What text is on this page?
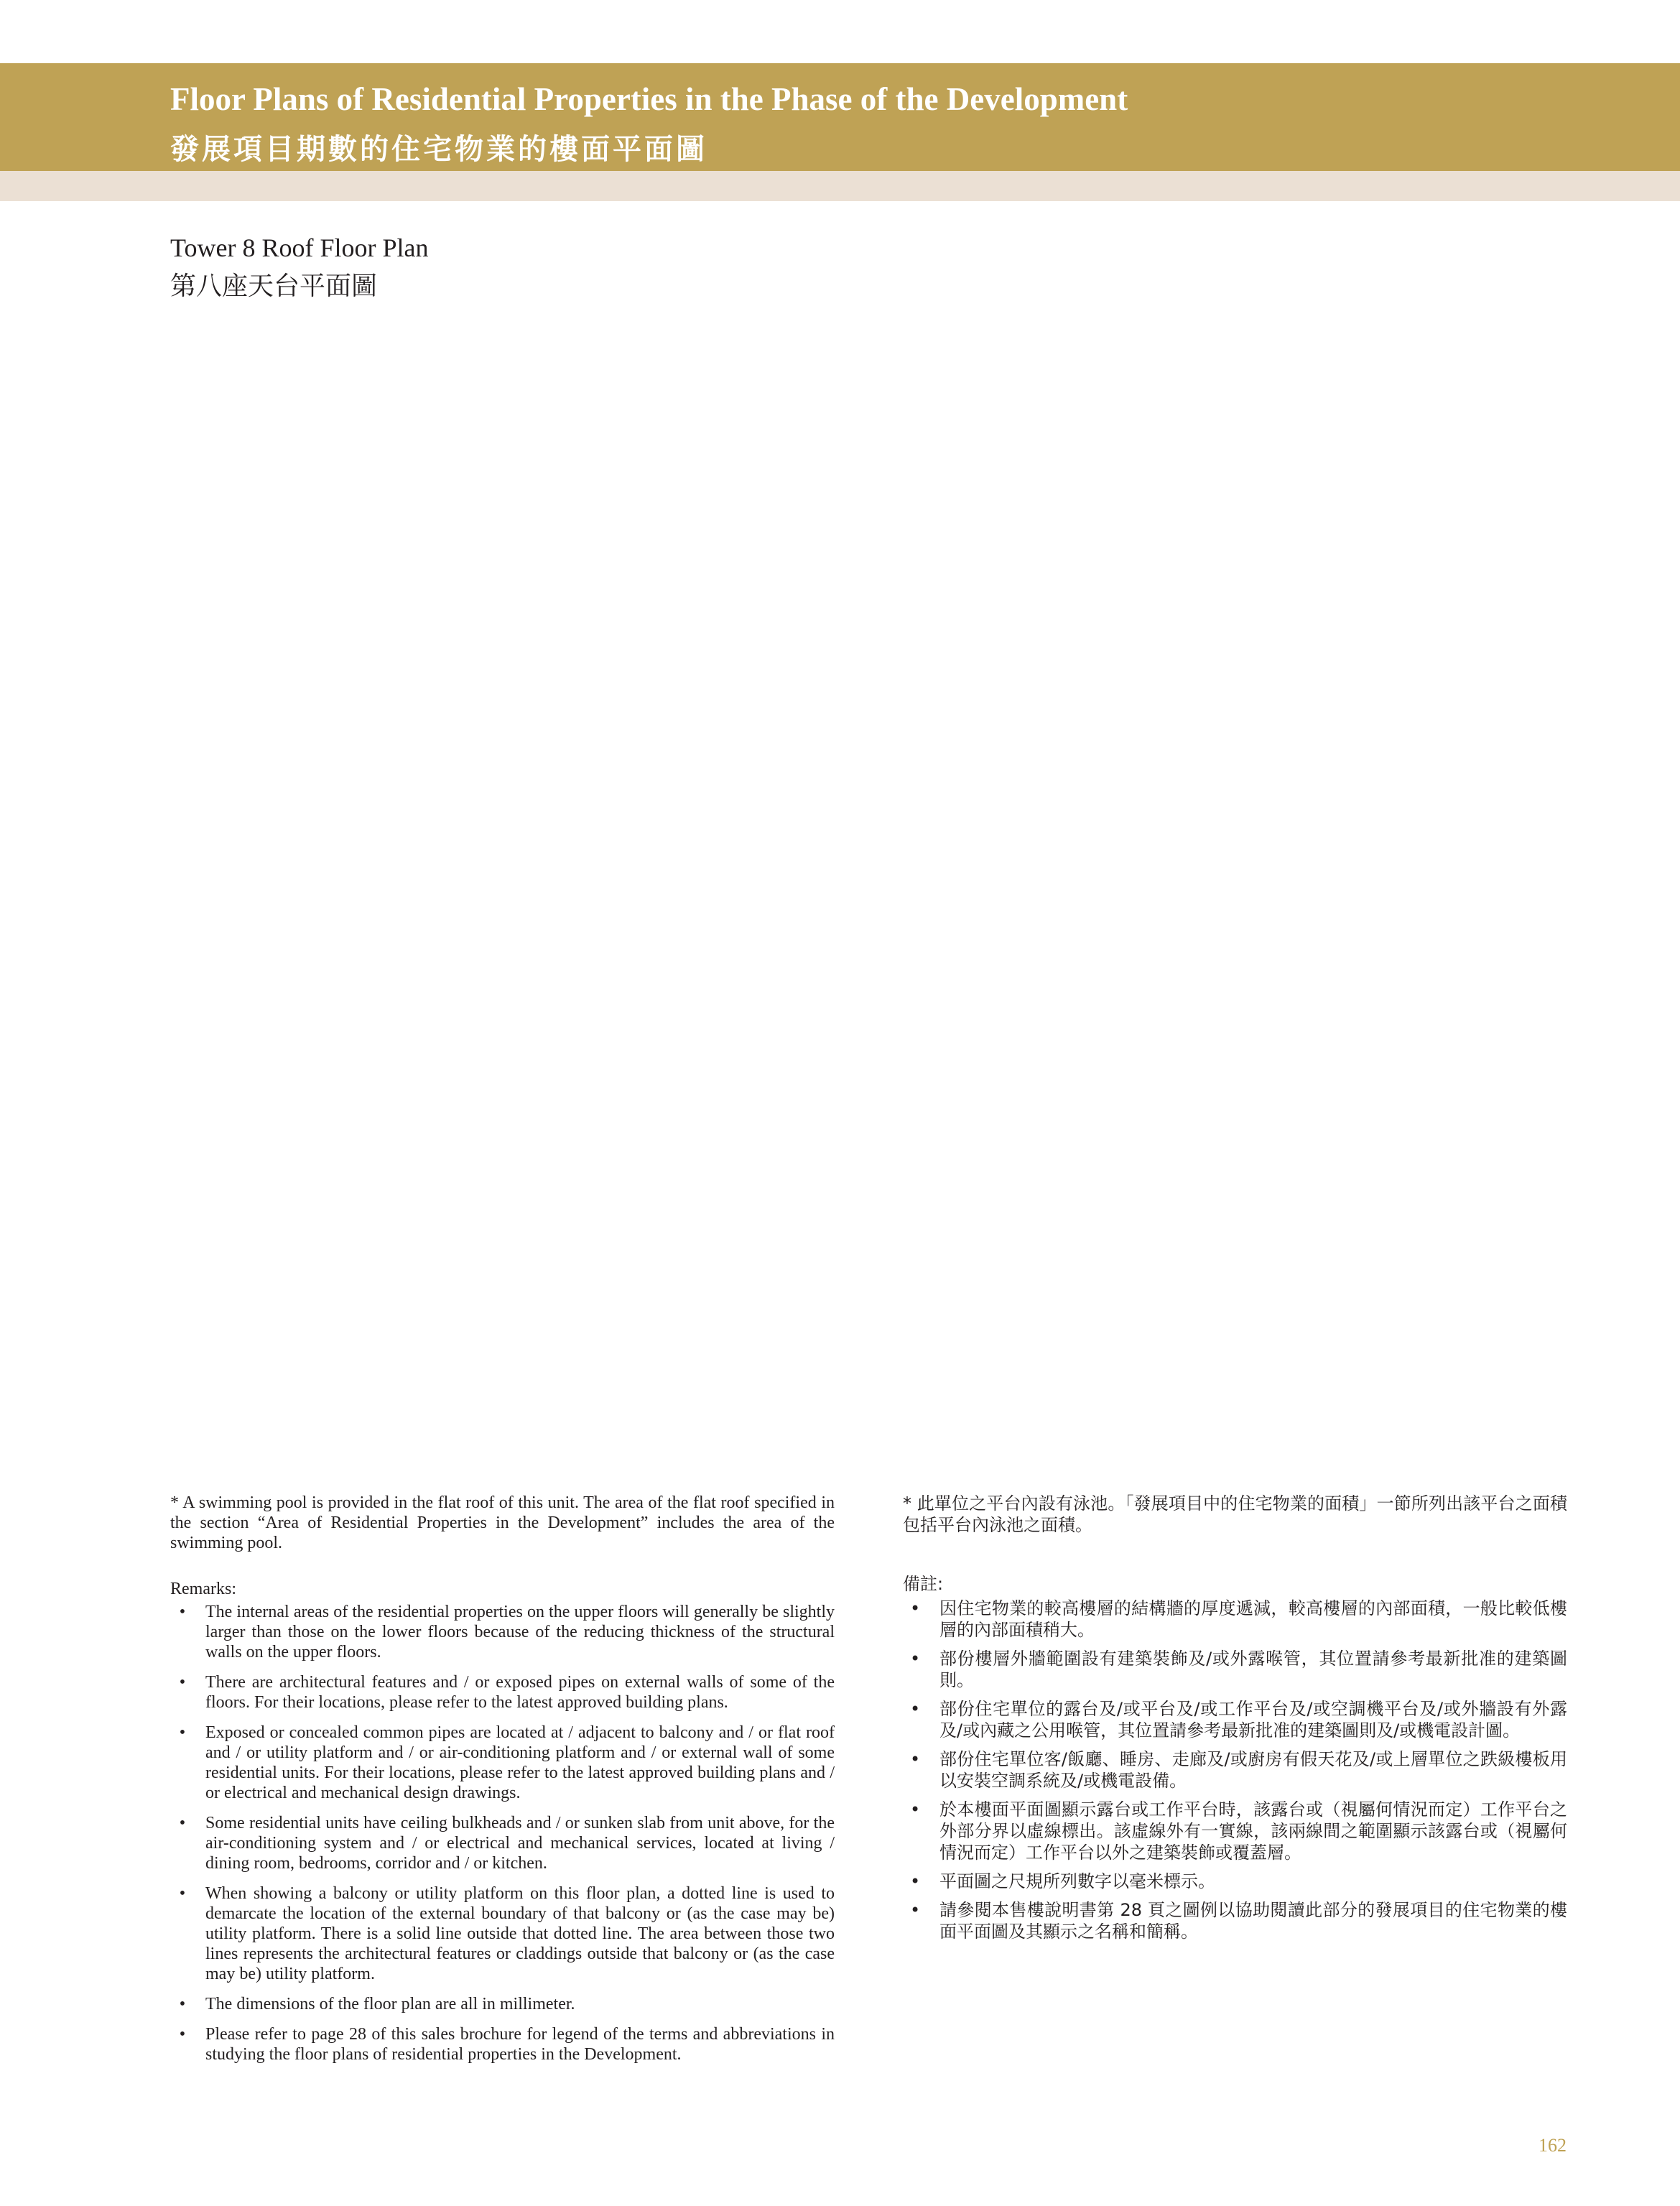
Floor Plans of Residential Properties in the Phase of the Development
發展項目期數的住宅物業的樓面平面圖
Tower 8 Roof Floor Plan
第八座天台平面圖

* A swimming pool is provided in the flat roof of this unit. The area of the flat roof specified in the section “Area of Residential Properties in the Development” includes the area of the swimming pool.

Remarks:

• The internal areas of the residential properties on the upper floors will generally be slightly larger than those on the lower floors because of the reducing thickness of the structural walls on the upper floors.
• There are architectural features and / or exposed pipes on external walls of some of the floors. For their locations, please refer to the latest approved building plans.
• Exposed or concealed common pipes are located at / adjacent to balcony and / or flat roof and / or utility platform and / or air-conditioning platform and / or external wall of some residential units. For their locations, please refer to the latest approved building plans and / or electrical and mechanical design drawings.
• Some residential units have ceiling bulkheads and / or sunken slab from unit above, for the air-conditioning system and / or electrical and mechanical services, located at living / dining room, bedrooms, corridor and / or kitchen.
• When showing a balcony or utility platform on this floor plan, a dotted line is used to demarcate the location of the external boundary of that balcony or (as the case may be) utility platform. There is a solid line outside that dotted line. The area between those two lines represents the architectural features or claddings outside that balcony or (as the case may be) utility platform.
• The dimensions of the floor plan are all in millimeter.
• Please refer to page 28 of this sales brochure for legend of the terms and abbreviations in studying the floor plans of residential properties in the Development.

* 此單位之平台內設有泳池。「發展項目中的住宅物業的面積」一節所列出該平台之面積包括平台內泳池之面積。

備註:

• 因住宅物業的較高樓層的結構牆的厚度遞減，較高樓層的內部面積，一般比較低樓層的內部面積稍大。
• 部份樓層外牆範圍設有建築裝飾及/或外露喉管，其位置請參考最新批准的建築圖則。
• 部份住宅單位的露台及/或平台及/或工作平台及/或空調機平台及/或外牆設有外露及/或內藏之公用喉管，其位置請參考最新批准的建築圖則及/或機電設計圖。
• 部份住宅單位客/飯廳、睡房、走廊及/或廚房有假天花及/或上層單位之跌級樓板用以安裝空調系統及/或機電設備。
• 於本樓面平面圖顯示露台或工作平台時，該露台或（視屬何情況而定）工作平台之外部分界以虛線標出。該虛線外有一實線，該兩線間之範圍顯示該露台或（視屬何情況而定）工作平台以外之建築裝飾或覆蓋層。
• 平面圖之尺規所列數字以毫米標示。
• 請參閱本售樓說明書第 28 頁之圖例以協助閱讀此部分的發展項目的住宅物業的樓面平面圖及其顯示之名稱和簡稱。
162
